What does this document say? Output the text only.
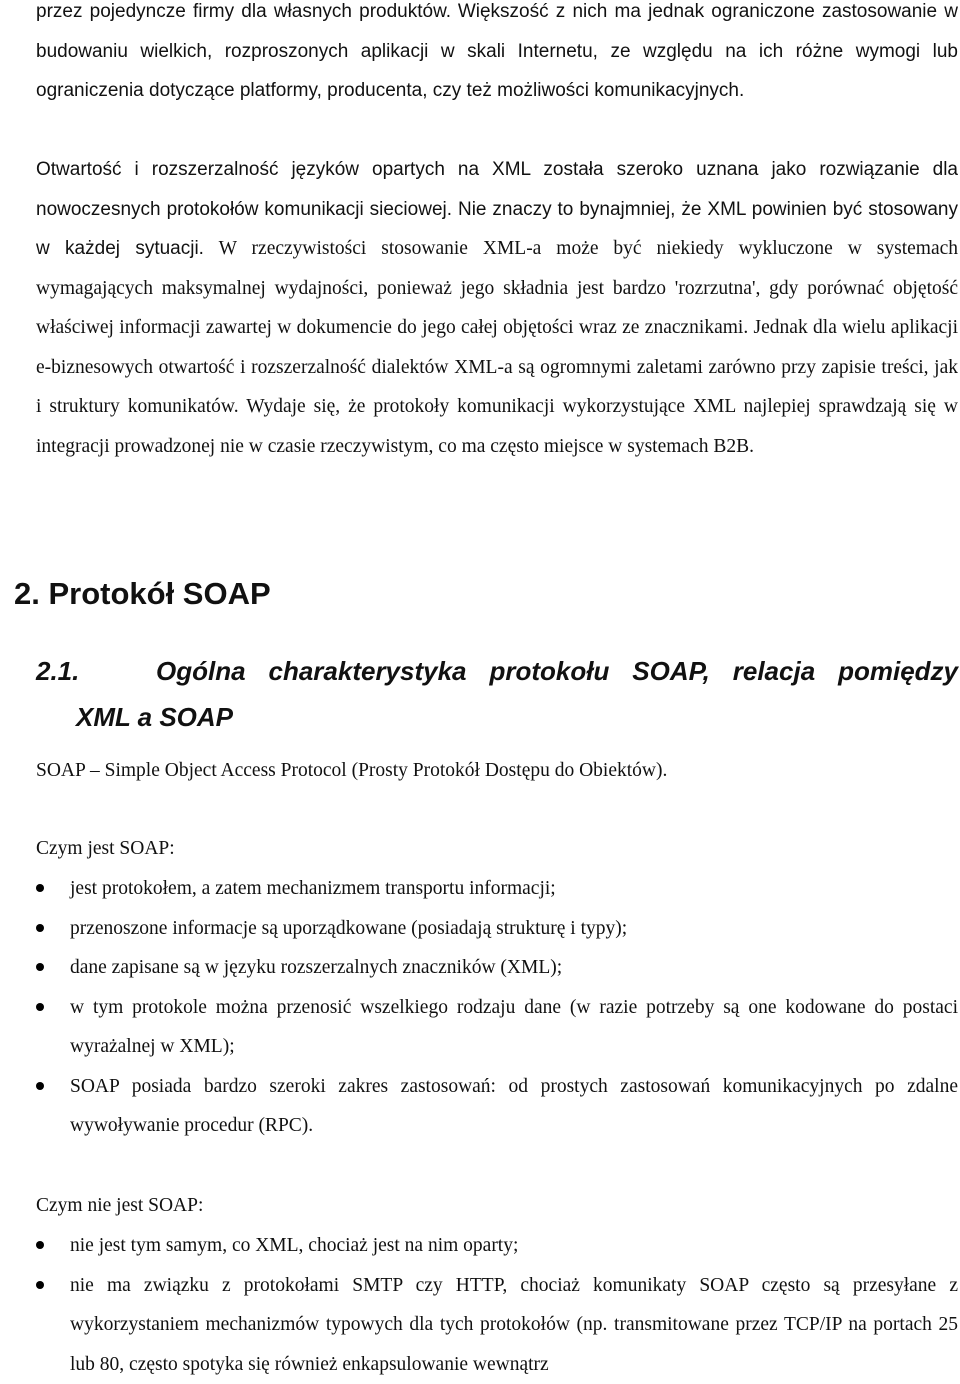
przez pojedyncze firmy dla własnych produktów. Większość z nich ma jednak ograniczone zastosowanie w budowaniu wielkich, rozproszonych aplikacji w skali Internetu, ze względu na ich różne wymogi lub ograniczenia dotyczące platformy, producenta, czy też możliwości komunikacyjnych.

Otwartość i rozszerzalność języków opartych na XML została szeroko uznana jako rozwiązanie dla nowoczesnych protokołów komunikacji sieciowej. Nie znaczy to bynajmniej, że XML powinien być stosowany w każdej sytuacji. W rzeczywistości stosowanie XML-a może być niekiedy wykluczone w systemach wymagających maksymalnej wydajności, ponieważ jego składnia jest bardzo 'rozrzutna', gdy porównać objętość właściwej informacji zawartej w dokumencie do jego całej objętości wraz ze znacznikami. Jednak dla wielu aplikacji e-biznesowych otwartość i rozszerzalność dialektów XML-a są ogromnymi zaletami zarówno przy zapisie treści, jak i struktury komunikatów. Wydaje się, że protokoły komunikacji wykorzystujące XML najlepiej sprawdzają się w integracji prowadzonej nie w czasie rzeczywistym, co ma często miejsce w systemach B2B.

2. Protokół SOAP
2.1.	Ogólna charakterystyka protokołu SOAP, relacja pomiędzy
XML a SOAP

SOAP – Simple Object Access Protocol (Prosty Protokół Dostępu do Obiektów).

Czym jest SOAP:

jest protokołem, a zatem mechanizmem transportu informacji;
przenoszone informacje są uporządkowane (posiadają strukturę i typy);
dane zapisane są w języku rozszerzalnych znaczników (XML);
w tym protokole można przenosić wszelkiego rodzaju dane (w razie potrzeby są one kodowane do postaci wyrażalnej w XML);
SOAP posiada bardzo szeroki zakres zastosowań: od prostych zastosowań komunikacyjnych po zdalne wywoływanie procedur (RPC).

Czym nie jest SOAP:

nie jest tym samym, co XML, chociaż jest na nim oparty;
nie ma związku z protokołami SMTP czy HTTP, chociaż komunikaty SOAP często są przesyłane z wykorzystaniem mechanizmów typowych dla tych protokołów (np. transmitowane przez TCP/IP na portach 25 lub 80, często spotyka się również enkapsulowanie wewnątrz
